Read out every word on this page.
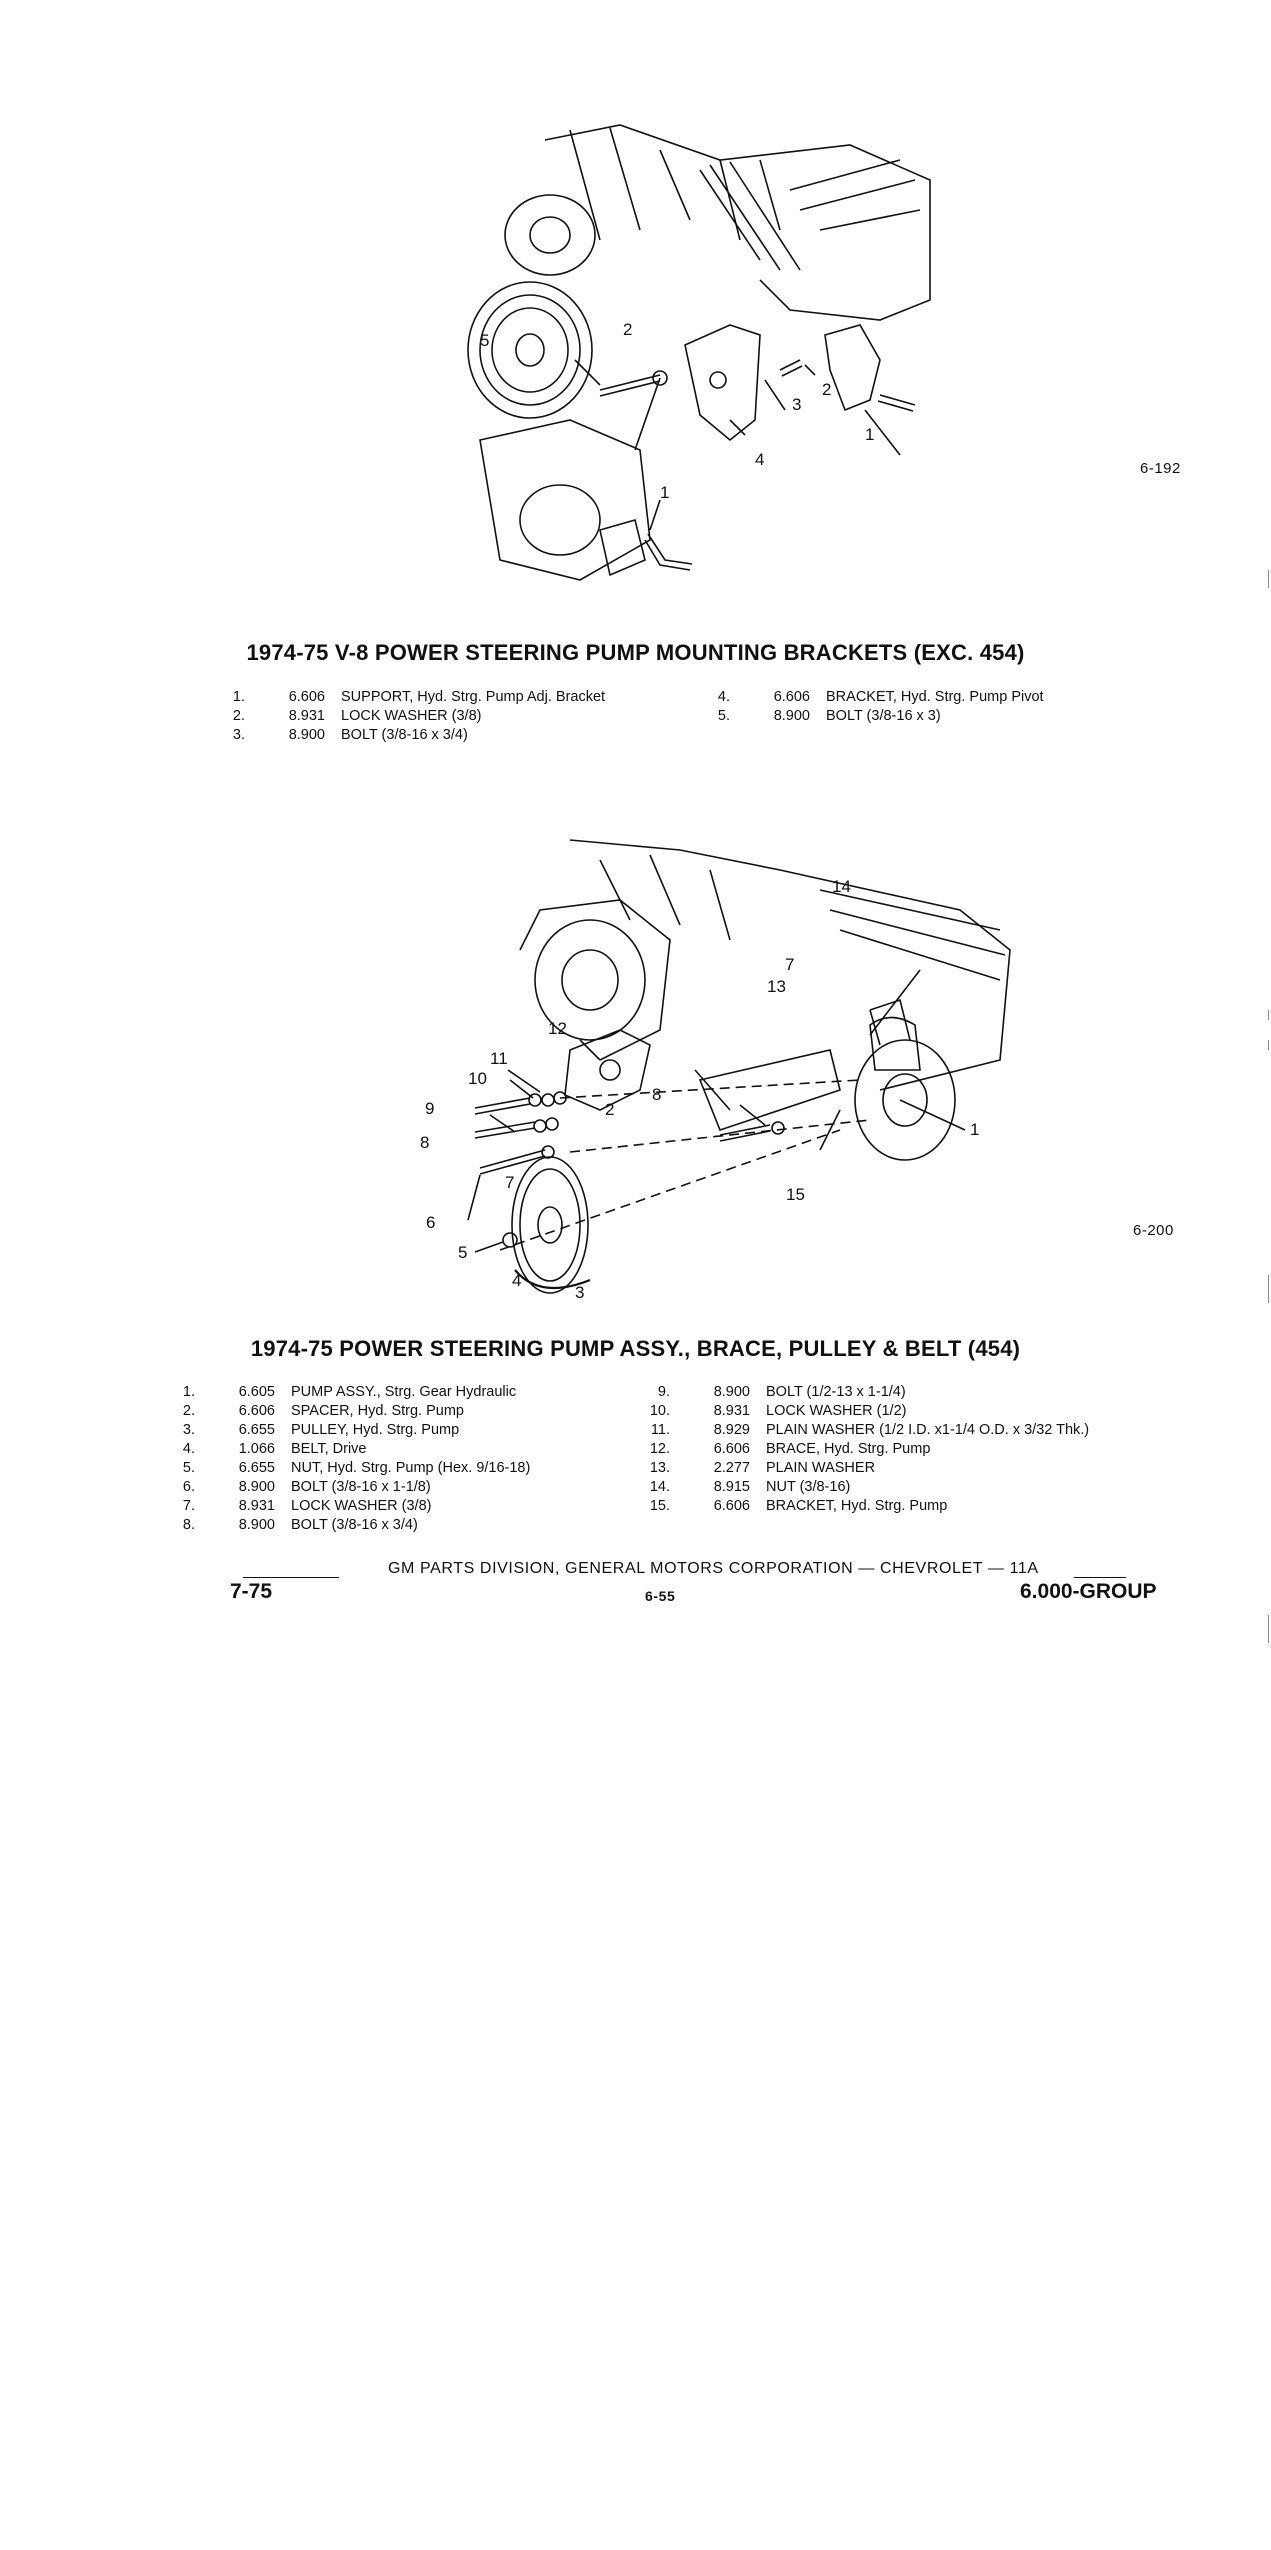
1
1
2
2
3
4
5
6-192
1974-75 V-8 POWER STEERING PUMP MOUNTING BRACKETS (EXC. 454)
1.	6.606	SUPPORT, Hyd. Strg. Pump Adj. Bracket
2.	8.931	LOCK WASHER (3/8)
3.	8.900	BOLT (3/8-16 x 3/4)
4.	6.606	BRACKET, Hyd. Strg. Pump Pivot
5.	8.900	BOLT (3/8-16 x 3)
1
2
3
4
5
6
7
7
8
8
9
10
11
12
13
14
15
6-200
1974-75 POWER STEERING PUMP ASSY., BRACE, PULLEY & BELT (454)
1.	6.605	PUMP ASSY., Strg. Gear Hydraulic
2.	6.606	SPACER, Hyd. Strg. Pump
3.	6.655	PULLEY, Hyd. Strg. Pump
4.	1.066	BELT, Drive
5.	6.655	NUT, Hyd. Strg. Pump (Hex. 9/16-18)
6.	8.900	BOLT (3/8-16 x 1-1/8)
7.	8.931	LOCK WASHER (3/8)
8.	8.900	BOLT (3/8-16 x 3/4)
9.	8.900	BOLT (1/2-13 x 1-1/4)
10.	8.931	LOCK WASHER (1/2)
11.	8.929	PLAIN WASHER (1/2 I.D. x1-1/4 O.D. x 3/32 Thk.)
12.	6.606	BRACE, Hyd. Strg. Pump
13.	2.277	PLAIN WASHER
14.	8.915	NUT (3/8-16)
15.	6.606	BRACKET, Hyd. Strg. Pump
GM PARTS DIVISION, GENERAL MOTORS CORPORATION — CHEVROLET — 11A
7-75	6-55	6.000-GROUP
